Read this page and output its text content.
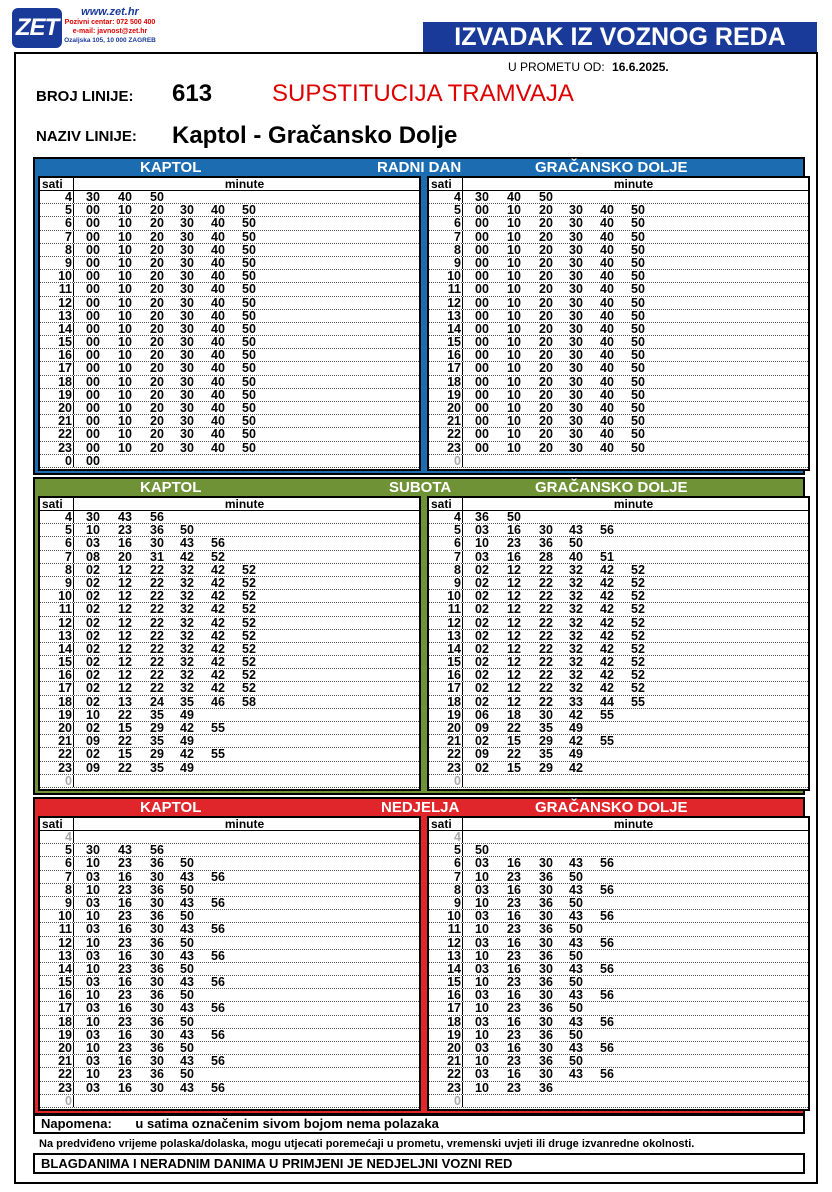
ZET
www.zet.hr
Pozivni centar: 072 500 400
e-mail: javnost@zet.hr
Ozaljska 105, 10 000 ZAGREB	IZVADAK IZ VOZNOG REDA
U PROMETU OD: 16.6.2025.
BROJ LINIJE: 613 SUPSTITUCIJA TRAMVAJA
NAZIV LINIJE: Kaptol - Gračansko Dolje
KAPTOL	RADNI DAN	GRAČANSKO DOLJE
sati	minute
4 30 40 50
5 00 10 20 30 40 50
6 00 10 20 30 40 50
7 00 10 20 30 40 50
8 00 10 20 30 40 50
9 00 10 20 30 40 50
10 00 10 20 30 40 50
11 00 10 20 30 40 50
12 00 10 20 30 40 50
13 00 10 20 30 40 50
14 00 10 20 30 40 50
15 00 10 20 30 40 50
16 00 10 20 30 40 50
17 00 10 20 30 40 50
18 00 10 20 30 40 50
19 00 10 20 30 40 50
20 00 10 20 30 40 50
21 00 10 20 30 40 50
22 00 10 20 30 40 50
23 00 10 20 30 40 50
0 00
sati	minute
4 30 40 50
5 00 10 20 30 40 50
6 00 10 20 30 40 50
7 00 10 20 30 40 50
8 00 10 20 30 40 50
9 00 10 20 30 40 50
10 00 10 20 30 40 50
11 00 10 20 30 40 50
12 00 10 20 30 40 50
13 00 10 20 30 40 50
14 00 10 20 30 40 50
15 00 10 20 30 40 50
16 00 10 20 30 40 50
17 00 10 20 30 40 50
18 00 10 20 30 40 50
19 00 10 20 30 40 50
20 00 10 20 30 40 50
21 00 10 20 30 40 50
22 00 10 20 30 40 50
23 00 10 20 30 40 50
0
KAPTOL	SUBOTA	GRAČANSKO DOLJE
sati	minute
4 30 43 56
5 10 23 36 50
6 03 16 30 43 56
7 08 20 31 42 52
8 02 12 22 32 42 52
9 02 12 22 32 42 52
10 02 12 22 32 42 52
11 02 12 22 32 42 52
12 02 12 22 32 42 52
13 02 12 22 32 42 52
14 02 12 22 32 42 52
15 02 12 22 32 42 52
16 02 12 22 32 42 52
17 02 12 22 32 42 52
18 02 13 24 35 46 58
19 10 22 35 49
20 02 15 29 42 55
21 09 22 35 49
22 02 15 29 42 55
23 09 22 35 49
0
sati	minute
4 36 50
5 03 16 30 43 56
6 10 23 36 50
7 03 16 28 40 51
8 02 12 22 32 42 52
9 02 12 22 32 42 52
10 02 12 22 32 42 52
11 02 12 22 32 42 52
12 02 12 22 32 42 52
13 02 12 22 32 42 52
14 02 12 22 32 42 52
15 02 12 22 32 42 52
16 02 12 22 32 42 52
17 02 12 22 32 42 52
18 02 12 22 33 44 55
19 06 18 30 42 55
20 09 22 35 49
21 02 15 29 42 55
22 09 22 35 49
23 02 15 29 42
0
KAPTOL	NEDJELJA	GRAČANSKO DOLJE
sati	minute
4
5 30 43 56
6 10 23 36 50
7 03 16 30 43 56
8 10 23 36 50
9 03 16 30 43 56
10 10 23 36 50
11 03 16 30 43 56
12 10 23 36 50
13 03 16 30 43 56
14 10 23 36 50
15 03 16 30 43 56
16 10 23 36 50
17 03 16 30 43 56
18 10 23 36 50
19 03 16 30 43 56
20 10 23 36 50
21 03 16 30 43 56
22 10 23 36 50
23 03 16 30 43 56
0
sati	minute
4
5 50
6 03 16 30 43 56
7 10 23 36 50
8 03 16 30 43 56
9 10 23 36 50
10 03 16 30 43 56
11 10 23 36 50
12 03 16 30 43 56
13 10 23 36 50
14 03 16 30 43 56
15 10 23 36 50
16 03 16 30 43 56
17 10 23 36 50
18 03 16 30 43 56
19 10 23 36 50
20 03 16 30 43 56
21 10 23 36 50
22 03 16 30 43 56
23 10 23 36
0
Napomena: u satima označenim sivom bojom nema polazaka
Na predviđeno vrijeme polaska/dolaska, mogu utjecati poremećaji u prometu, vremenski uvjeti ili druge izvanredne okolnosti.
BLAGDANIMA I NERADNIM DANIMA U PRIMJENI JE NEDJELJNI VOZNI RED
